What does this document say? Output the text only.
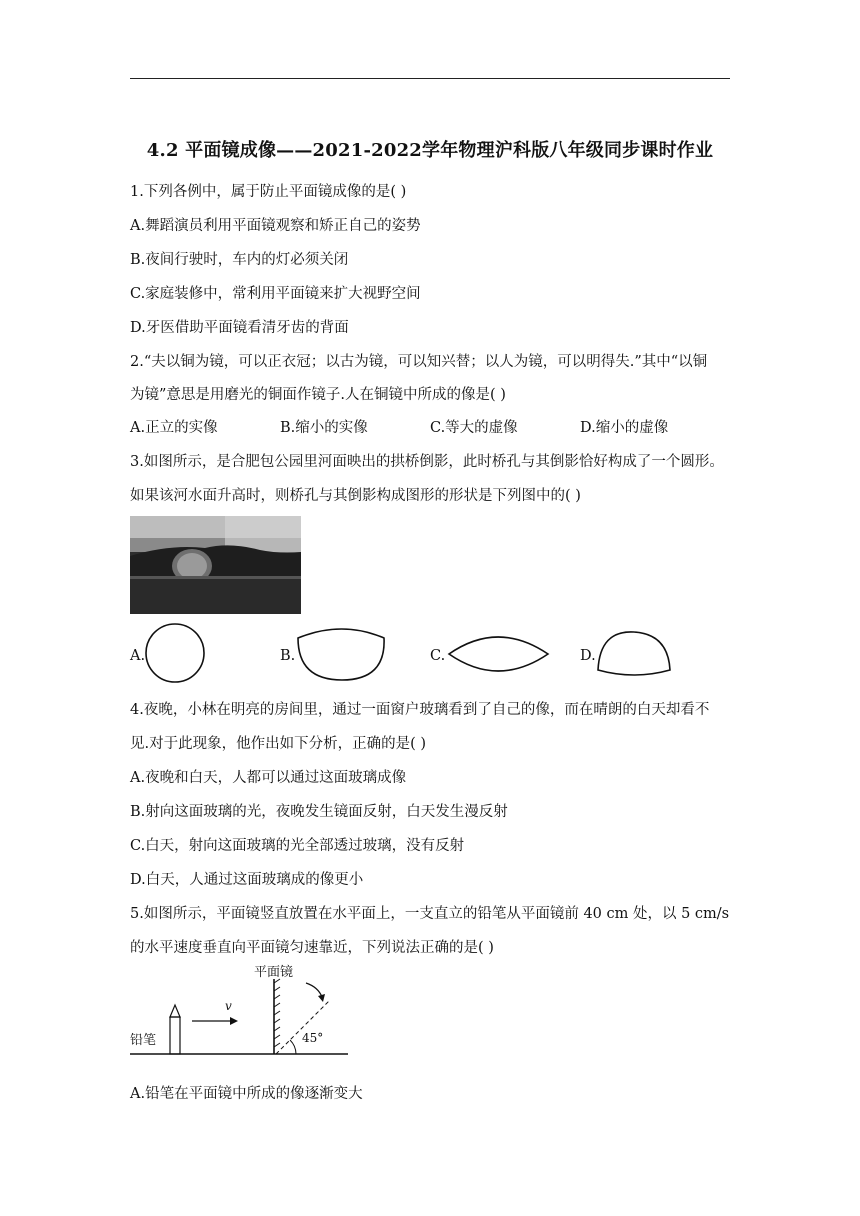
4.2 平面镜成像——2021-2022学年物理沪科版八年级同步课时作业
1.下列各例中，属于防止平面镜成像的是( )
A.舞蹈演员利用平面镜观察和矫正自己的姿势
B.夜间行驶时，车内的灯必须关闭
C.家庭装修中，常利用平面镜来扩大视野空间
D.牙医借助平面镜看清牙齿的背面
2.“夫以铜为镜，可以正衣冠；以古为镜，可以知兴替；以人为镜，可以明得失.”其中“以铜
为镜”意思是用磨光的铜面作镜子.人在铜镜中所成的像是( )
A.正立的实像	B.缩小的实像	C.等大的虚像	D.缩小的虚像
3.如图所示，是合肥包公园里河面映出的拱桥倒影，此时桥孔与其倒影恰好构成了一个圆形。
如果该河水面升高时，则桥孔与其倒影构成图形的形状是下列图中的( )
A.	B.	C.	D.
4.夜晚，小林在明亮的房间里，通过一面窗户玻璃看到了自己的像，而在晴朗的白天却看不
见.对于此现象，他作出如下分析，正确的是( )
A.夜晚和白天，人都可以通过这面玻璃成像
B.射向这面玻璃的光，夜晚发生镜面反射，白天发生漫反射
C.白天，射向这面玻璃的光全部透过玻璃，没有反射
D.白天，人通过这面玻璃成的像更小
5.如图所示，平面镜竖直放置在水平面上，一支直立的铅笔从平面镜前 40 cm 处，以 5 cm/s
的水平速度垂直向平面镜匀速靠近，下列说法正确的是( )
平面镜
铅笔
v
45°
A.铅笔在平面镜中所成的像逐渐变大
